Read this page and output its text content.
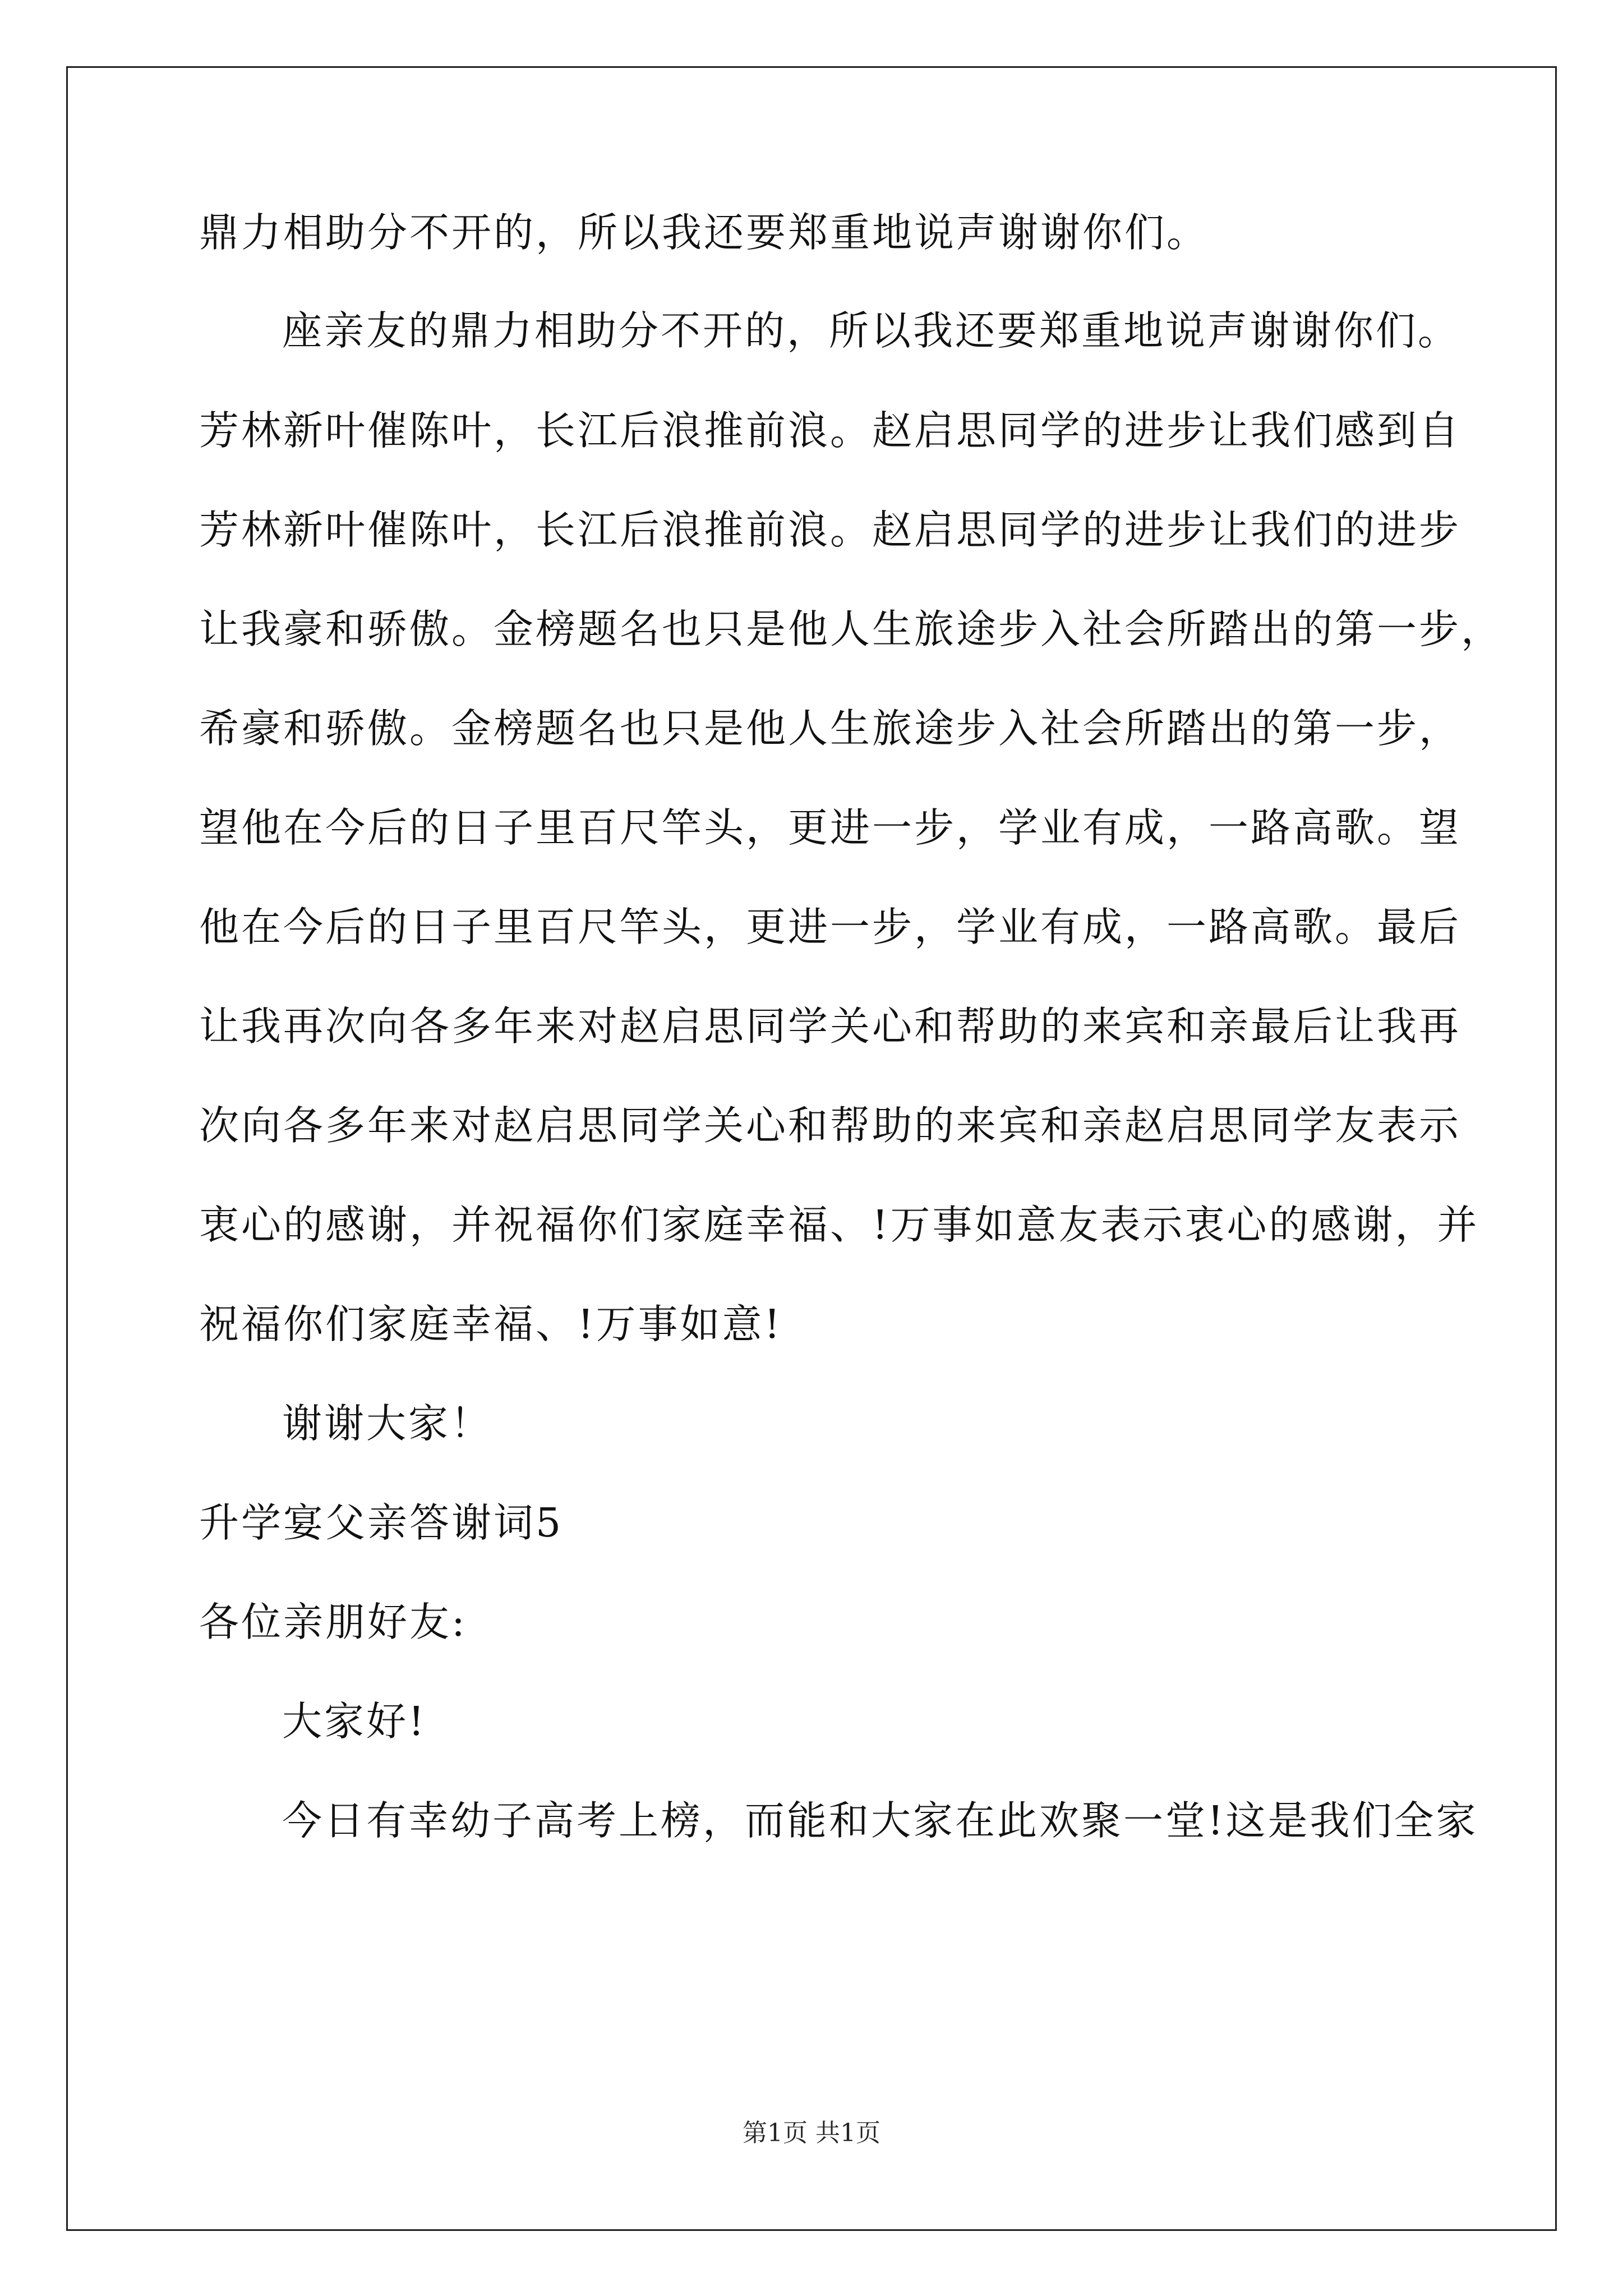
鼎力相助分不开的，所以我还要郑重地说声谢谢你们。
座亲友的鼎力相助分不开的，所以我还要郑重地说声谢谢你们。
芳林新叶催陈叶，长江后浪推前浪。赵启思同学的进步让我们感到自
芳林新叶催陈叶，长江后浪推前浪。赵启思同学的进步让我们的进步
让我豪和骄傲。金榜题名也只是他人生旅途步入社会所踏出的第一步，
希豪和骄傲。金榜题名也只是他人生旅途步入社会所踏出的第一步，
望他在今后的日子里百尺竿头，更进一步，学业有成，一路高歌。望
他在今后的日子里百尺竿头，更进一步，学业有成，一路高歌。最后
让我再次向各多年来对赵启思同学关心和帮助的来宾和亲最后让我再
次向各多年来对赵启思同学关心和帮助的来宾和亲赵启思同学友表示
衷心的感谢，并祝福你们家庭幸福、!万事如意友表示衷心的感谢，并
祝福你们家庭幸福、!万事如意!
谢谢大家！
升学宴父亲答谢词5
各位亲朋好友:
大家好!
今日有幸幼子高考上榜，而能和大家在此欢聚一堂!这是我们全家
第1页 共1页
